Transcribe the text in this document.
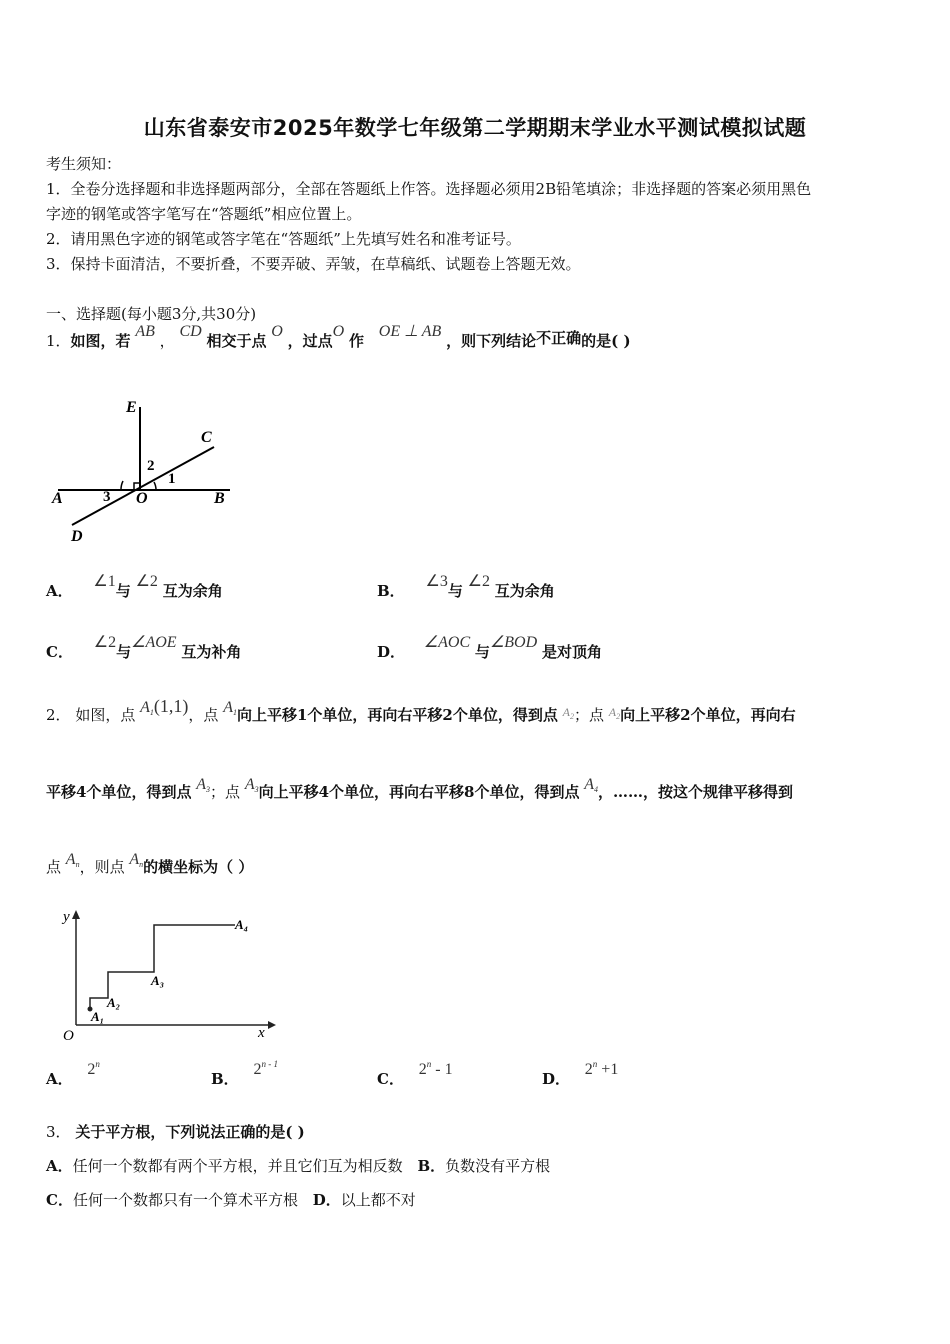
山东省泰安市2025年数学七年级第二学期期末学业水平测试模拟试题
考生须知：
1．全卷分选择题和非选择题两部分，全部在答题纸上作答。选择题必须用2B铅笔填涂；非选择题的答案必须用黑色
字迹的钢笔或答字笔写在“答题纸”相应位置上。
2．请用黑色字迹的钢笔或答字笔在“答题纸”上先填写姓名和准考证号。
3．保持卡面清洁，不要折叠，不要弄破、弄皱，在草稿纸、试题卷上答题无效。
一、选择题(每小题3分,共30分)
1．如图，若 AB ， CD 相交于点 O ，过点O 作 OE ⊥ AB ，则下列结论不正确的是( )
E
C
A	B
O
D
1
2
3
A． ∠1与 ∠2 互为余角	B． ∠3与 ∠2 互为余角
C． ∠2与∠AOE 互为补角	D． ∠AOC 与∠BOD 是对顶角
2． 如图，点 $A_1(1,1)$，点 $A_1$向上平移1个单位，再向右平移2个单位，得到点 $^{A_2}$；点 $^{A_2}$向上平移2个单位，再向右
平移4个单位，得到点 $A_3$；点 $A_3$向上平移4个单位，再向右平移8个单位，得到点 $A_4$，……，按这个规律平移得到
点 $A_n$，则点 $A_n$的横坐标为（ ）
y
x
O
A₁
A₂
A₃
A₄
A． 2$^n$
B． 2$^{n - 1}$
C． 2$^n$ - 1
D． $2^n +1$
3． 关于平方根，下列说法正确的是( )
A．任何一个数都有两个平方根，并且它们互为相反数 B．负数没有平方根
C．任何一个数都只有一个算术平方根 D．以上都不对
